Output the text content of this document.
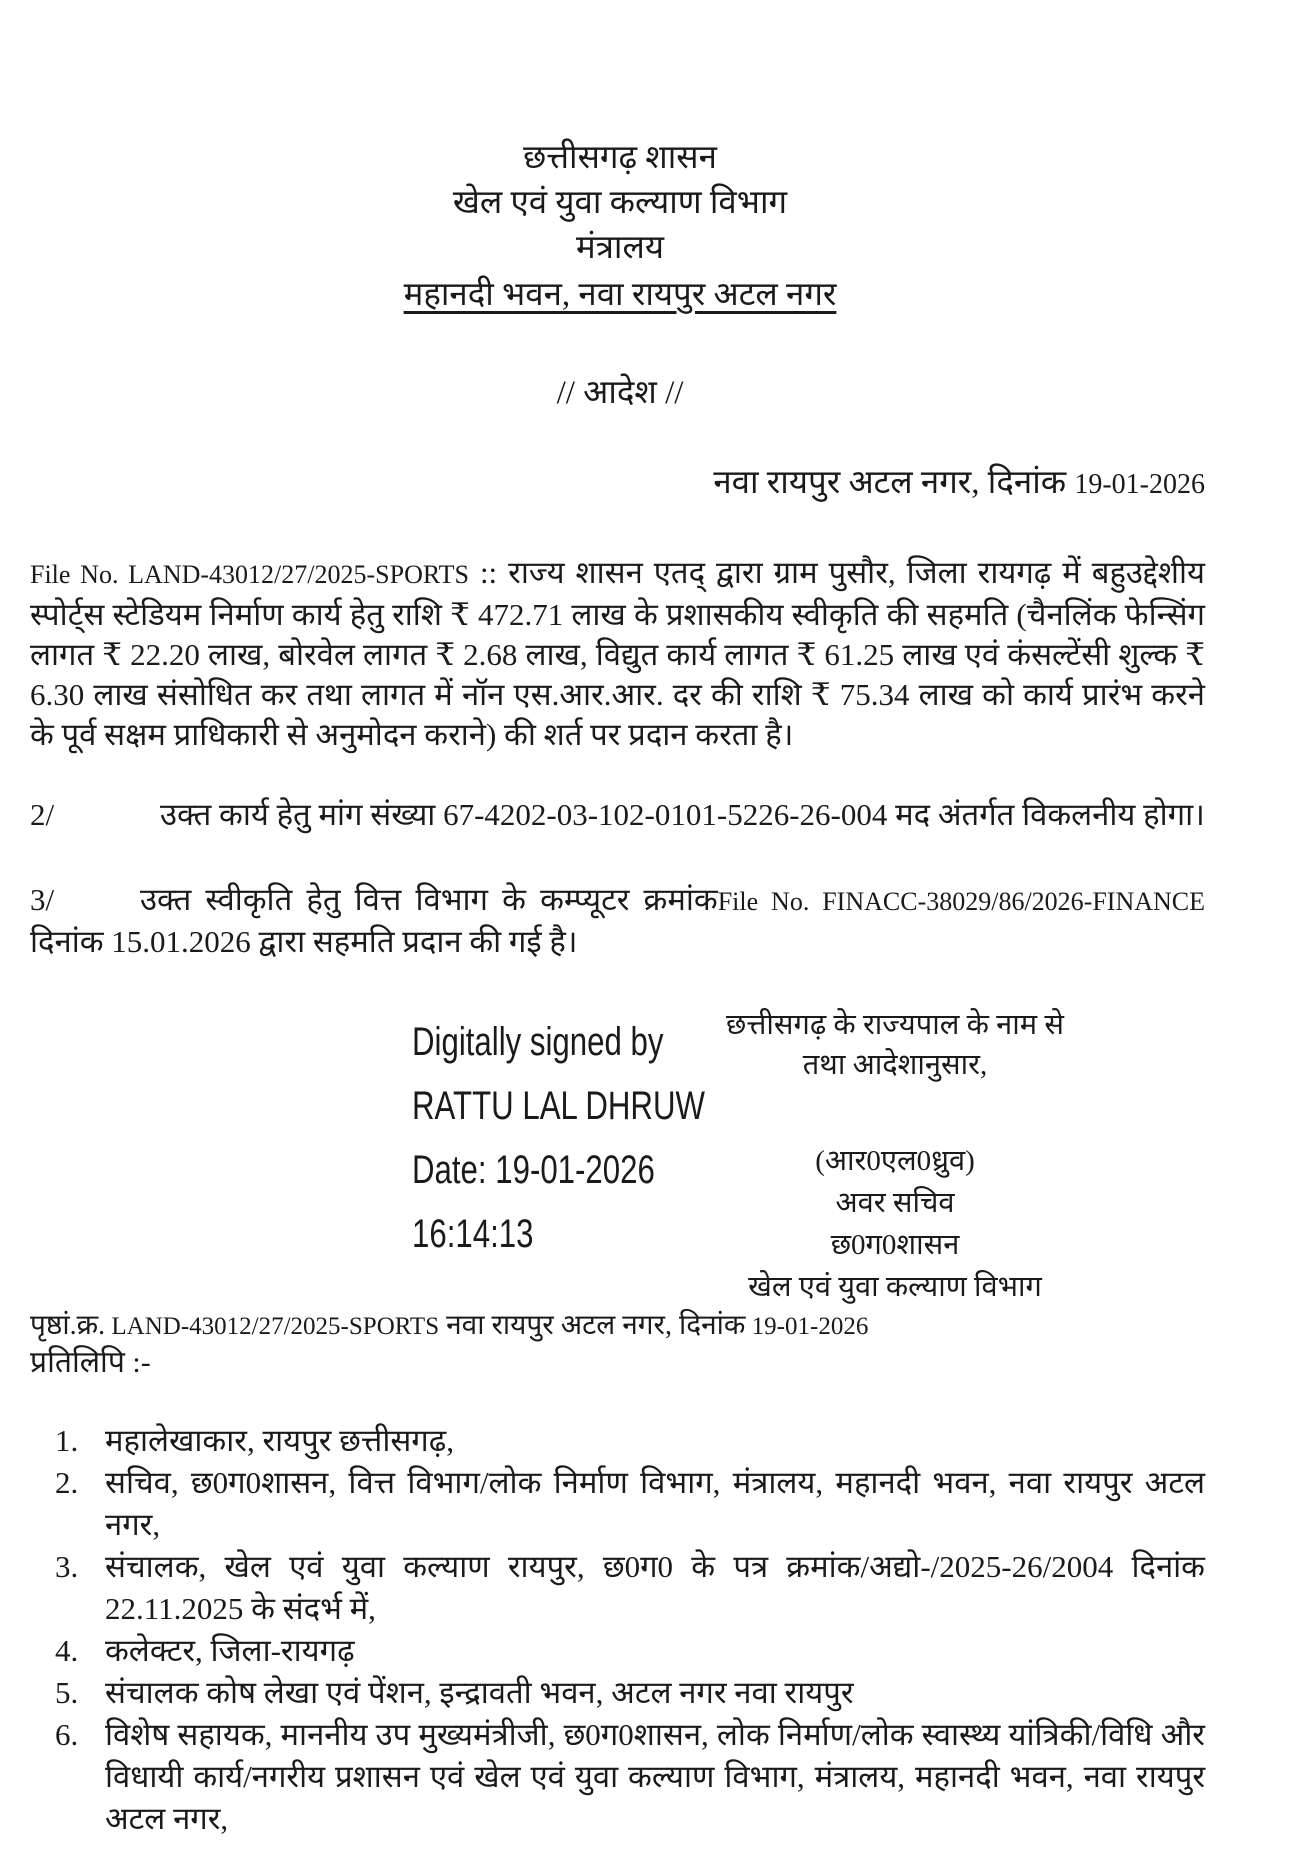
छत्तीसगढ़ शासन
खेल एवं युवा कल्याण विभाग
मंत्रालय
महानदी भवन, नवा रायपुर अटल नगर
// आदेश //
नवा रायपुर अटल नगर, दिनांक 19-01-2026
File No. LAND-43012/27/2025-SPORTS :: राज्य शासन एतद् द्वारा ग्राम पुसौर, जिला रायगढ़ में बहुउद्देशीय स्पोर्ट्स स्टेडियम निर्माण कार्य हेतु राशि ₹ 472.71 लाख के प्रशासकीय स्वीकृति की सहमति (चैनलिंक फेन्सिंग लागत ₹ 22.20 लाख, बोरवेल लागत ₹ 2.68 लाख, विद्युत कार्य लागत ₹ 61.25 लाख एवं कंसल्टेंसी शुल्क ₹ 6.30 लाख संसोधित कर तथा लागत में नॉन एस.आर.आर. दर की राशि ₹ 75.34 लाख को कार्य प्रारंभ करने के पूर्व सक्षम प्राधिकारी से अनुमोदन कराने) की शर्त पर प्रदान करता है।
2/	उक्त कार्य हेतु मांग संख्या 67-4202-03-102-0101-5226-26-004 मद अंतर्गत विकलनीय होगा।
3/	उक्त स्वीकृति हेतु वित्त विभाग के कम्प्यूटर क्रमांकFile No. FINACC-38029/86/2026-FINANCE दिनांक 15.01.2026 द्वारा सहमति प्रदान की गई है।
Digitally signed by
RATTU LAL DHRUW
Date: 19-01-2026
16:14:13
छत्तीसगढ़ के राज्यपाल के नाम से
तथा आदेशानुसार,
(आर0एल0ध्रुव)
अवर सचिव
छ0ग0शासन
खेल एवं युवा कल्याण विभाग
पृष्ठां.क्र. LAND-43012/27/2025-SPORTS नवा रायपुर अटल नगर, दिनांक 19-01-2026
प्रतिलिपि :-
1. महालेखाकार, रायपुर छत्तीसगढ़,
2. सचिव, छ0ग0शासन, वित्त विभाग/लोक निर्माण विभाग, मंत्रालय, महानदी भवन, नवा रायपुर अटल नगर,
3. संचालक, खेल एवं युवा कल्याण रायपुर, छ0ग0 के पत्र क्रमांक/अद्यो-/2025-26/2004 दिनांक 22.11.2025 के संदर्भ में,
4. कलेक्टर, जिला-रायगढ़
5. संचालक कोष लेखा एवं पेंशन, इन्द्रावती भवन, अटल नगर नवा रायपुर
6. विशेष सहायक, माननीय उप मुख्यमंत्रीजी, छ0ग0शासन, लोक निर्माण/लोक स्वास्थ्य यांत्रिकी/विधि और विधायी कार्य/नगरीय प्रशासन एवं खेल एवं युवा कल्याण विभाग, मंत्रालय, महानदी भवन, नवा रायपुर अटल नगर,
